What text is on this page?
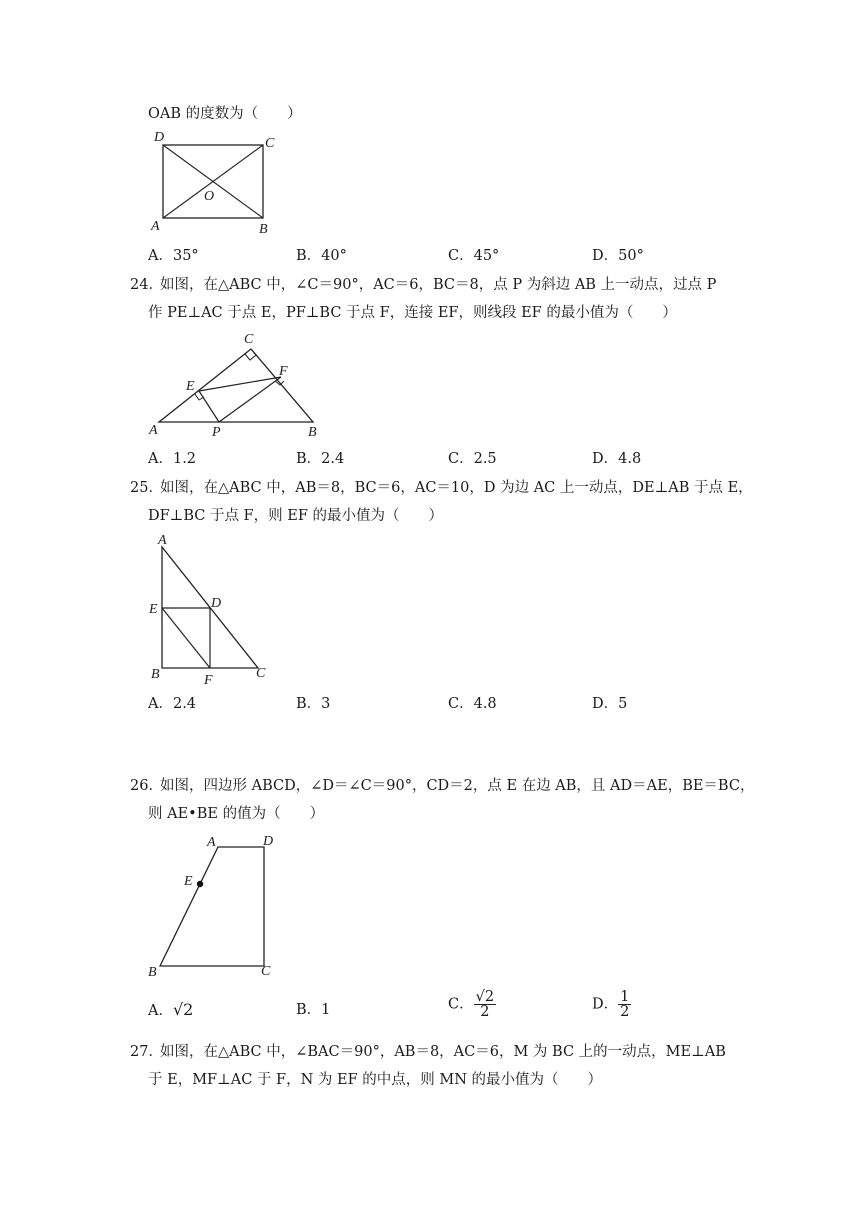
OAB 的度数为（　　）
D	C
O
A	B
A．35°	B．40°	C．45°	D．50°
24．
如图，在△ABC 中，∠C＝90°，AC＝6，BC＝8，点 P 为斜边 AB 上一动点，过点 P
作 PE⊥AC 于点 E，PF⊥BC 于点 F，连接 EF，则线段 EF 的最小值为（　　）
C
E
F
A	P	B
A．1.2	B．2.4	C．2.5	D．4.8
25．
如图，在△ABC 中，AB＝8，BC＝6，AC＝10，D 为边 AC 上一动点，DE⊥AB 于点 E，
DF⊥BC 于点 F，则 EF 的最小值为（　　）
A
E	D
B	F	C
A．2.4	B．3	C．4.8	D．5
26．
如图，四边形 ABCD，∠D＝∠C＝90°，CD＝2，点 E 在边 AB，且 AD＝AE，BE＝BC，
则 AE•BE 的值为（　　）
A	D
E
B	C
A．√2	B．1	C． $\frac{√2}{2}$	D． $\frac{1}{2}$
27．
如图，在△ABC 中，∠BAC＝90°，AB＝8，AC＝6，M 为 BC 上的一动点，ME⊥AB
于 E，MF⊥AC 于 F，N 为 EF 的中点，则 MN 的最小值为（　　）
